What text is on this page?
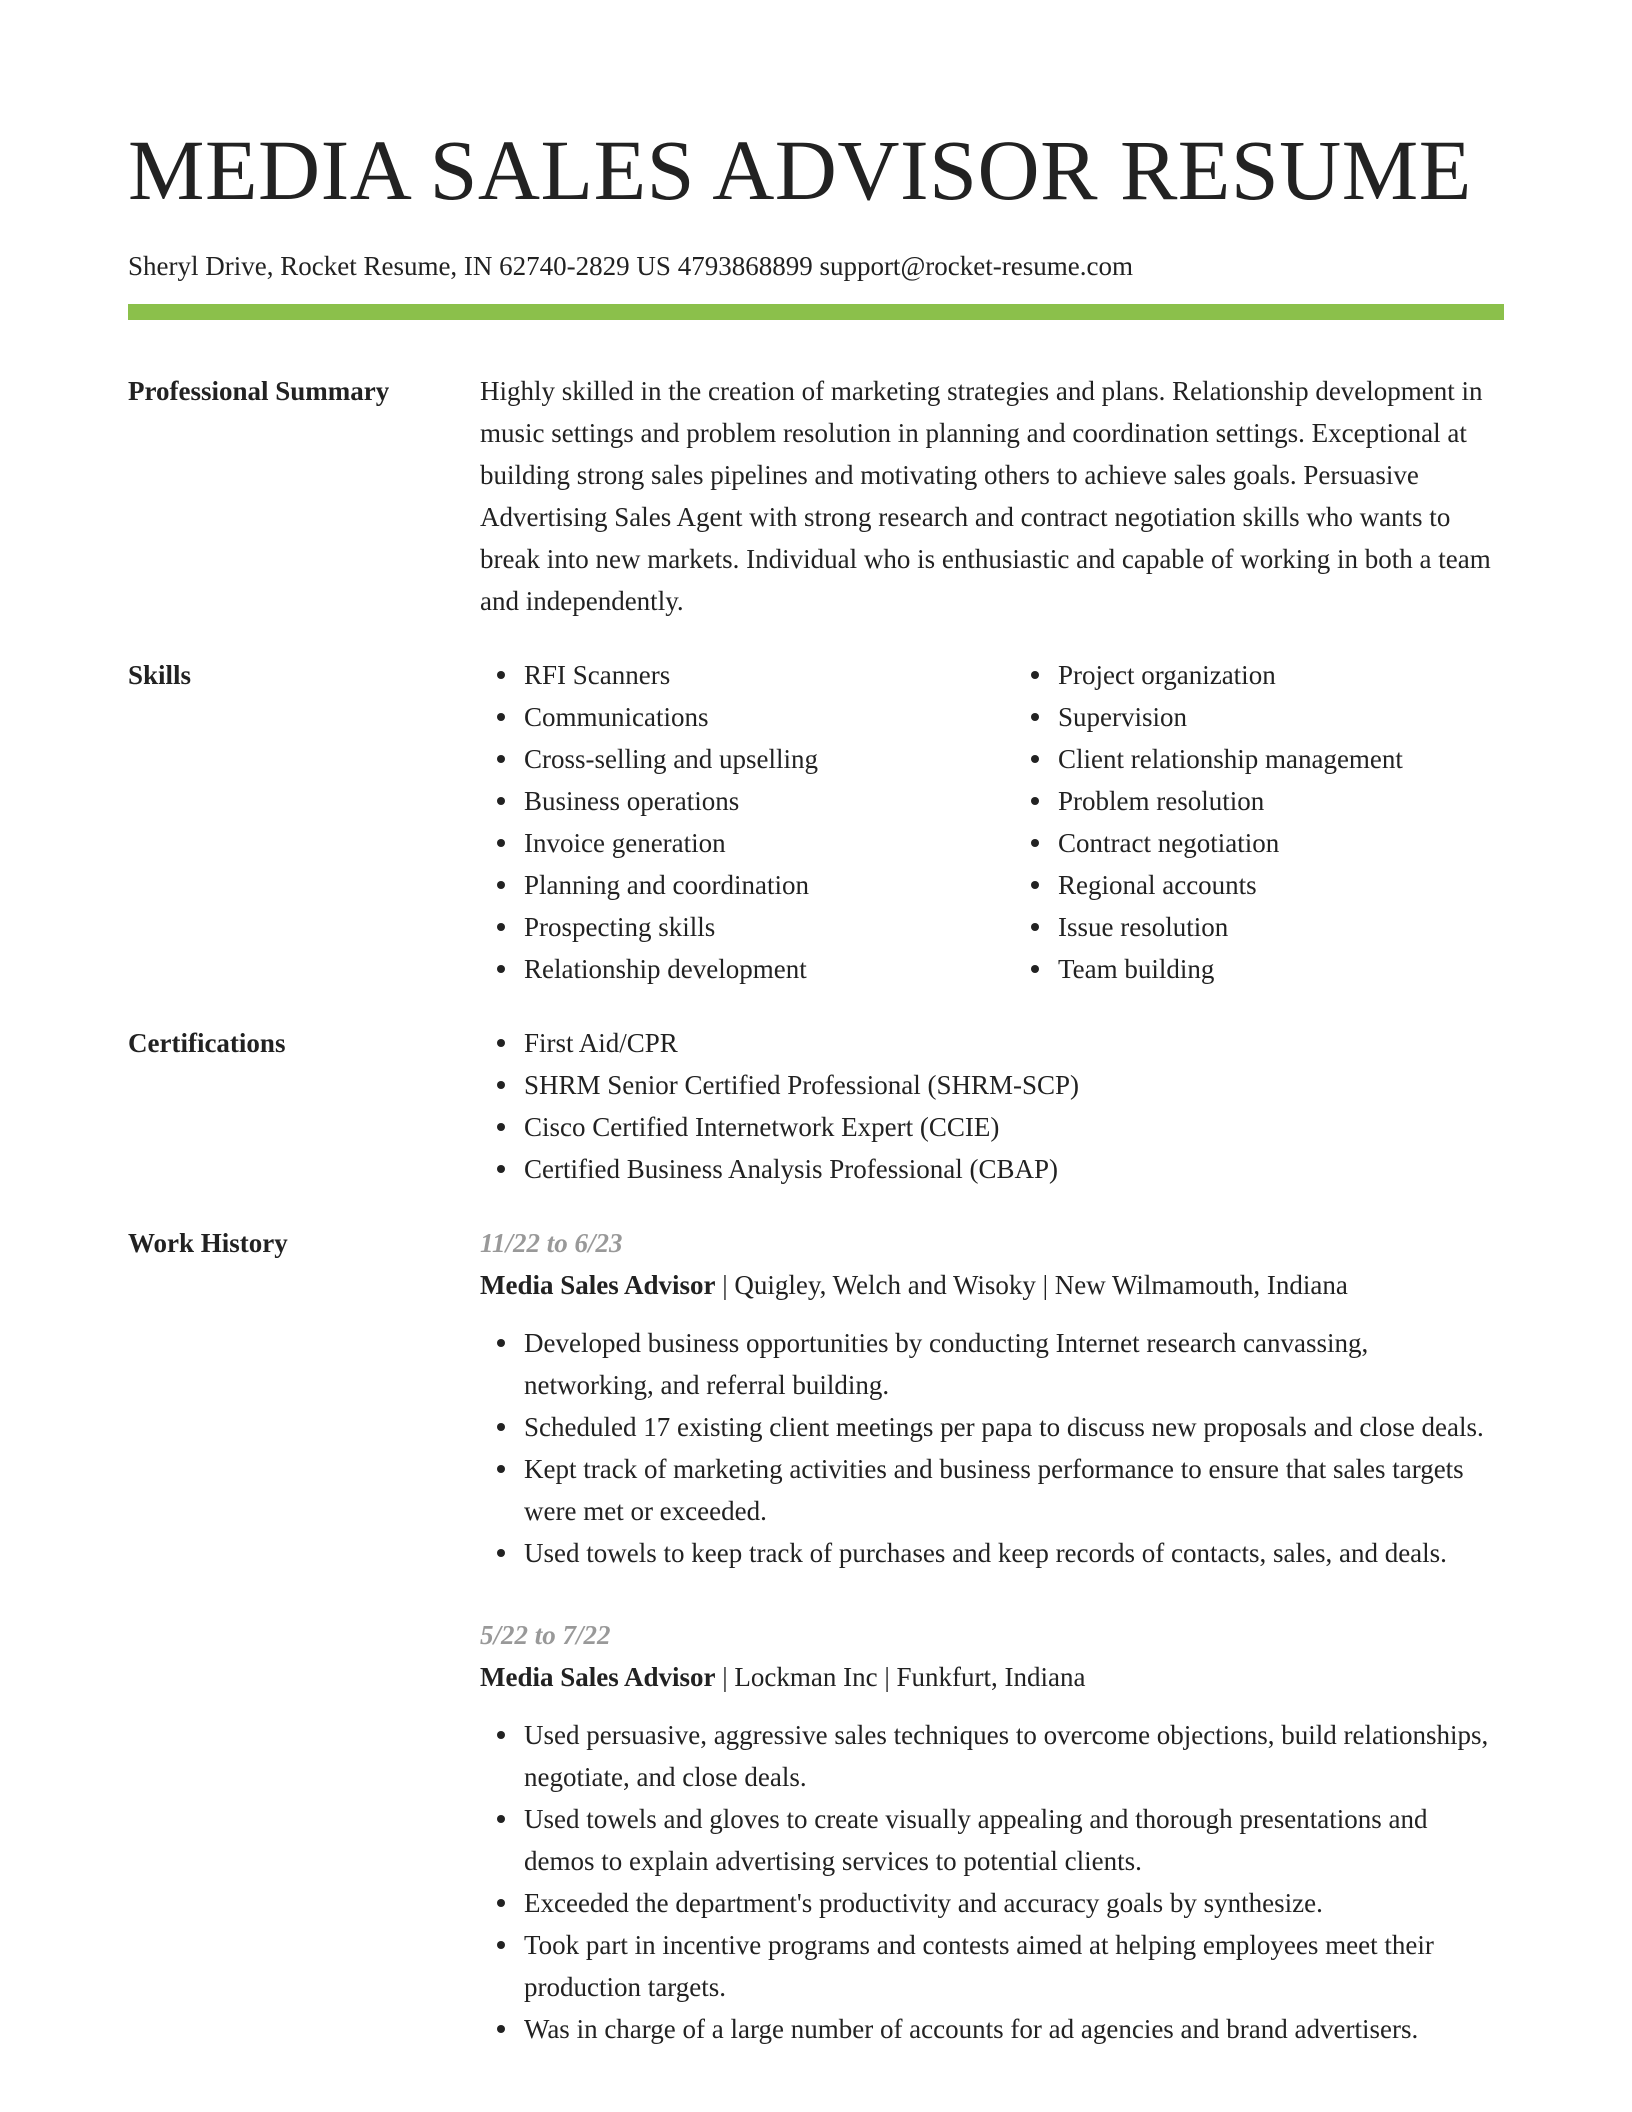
MEDIA SALES ADVISOR RESUME
Sheryl Drive, Rocket Resume, IN 62740-2829 US 4793868899 support@rocket-resume.com
Professional Summary	Highly skilled in the creation of marketing strategies and plans. Relationship development in music settings and problem resolution in planning and coordination settings. Exceptional at building strong sales pipelines and motivating others to achieve sales goals. Persuasive Advertising Sales Agent with strong research and contract negotiation skills who wants to break into new markets. Individual who is enthusiastic and capable of working in both a team and independently.

Skills	RFI Scanners
Communications
Cross-selling and upselling
Business operations
Invoice generation
Planning and coordination
Prospecting skills
Relationship development
Project organization
Supervision
Client relationship management
Problem resolution
Contract negotiation
Regional accounts
Issue resolution
Team building
Certifications	First Aid/CPR
SHRM Senior Certified Professional (SHRM-SCP)
Cisco Certified Internetwork Expert (CCIE)
Certified Business Analysis Professional (CBAP)
Work History	11/22 to 6/23
Media Sales Advisor | Quigley, Welch and Wisoky | New Wilmamouth, Indiana
Developed business opportunities by conducting Internet research canvassing, networking, and referral building.
Scheduled 17 existing client meetings per papa to discuss new proposals and close deals.
Kept track of marketing activities and business performance to ensure that sales targets were met or exceeded.
Used towels to keep track of purchases and keep records of contacts, sales, and deals.
5/22 to 7/22
Media Sales Advisor | Lockman Inc | Funkfurt, Indiana
Used persuasive, aggressive sales techniques to overcome objections, build relationships, negotiate, and close deals.
Used towels and gloves to create visually appealing and thorough presentations and demos to explain advertising services to potential clients.
Exceeded the department's productivity and accuracy goals by synthesize.
Took part in incentive programs and contests aimed at helping employees meet their production targets.
Was in charge of a large number of accounts for ad agencies and brand advertisers.
